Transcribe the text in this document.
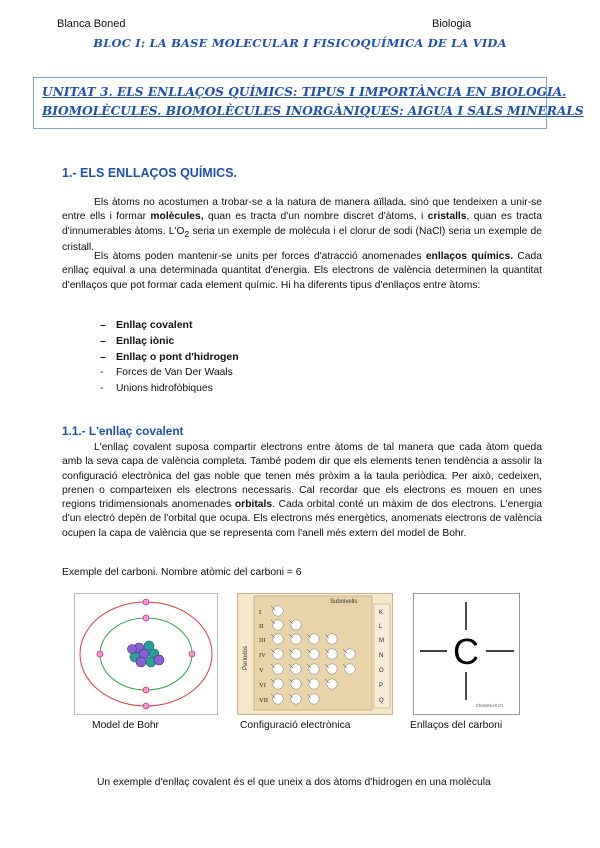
Blanca Boned	Biologia
BLOC I: LA BASE MOLECULAR I FISICOQUÍMICA DE LA VIDA

UNITAT 3. ELS ENLLAÇOS QUÍMICS: TIPUS I IMPORTÀNCIA EN BIOLOGIA.

BIOMOLÈCULES. BIOMOLÈCULES INORGÀNIQUES: AIGUA I SALS MINERALS

1.- ELS ENLLAÇOS QUÍMICS.

Els àtoms no acostumen a trobar-se a la natura de manera aïllada, sinó que tendeixen a unir-se entre ells i formar molècules, quan es tracta d'un nombre discret d'àtoms, i cristalls, quan es tracta d'innumerables àtoms. $L'O_2$ seria un exemple de molècula i el clorur de sodi (NaCl) seria un exemple de cristall.

Els àtoms poden mantenir-se units per forces d'atracció anomenades enllaços químics. Cada enllaç equival a una determinada quantitat d'energia. Els electrons de valència determinen la quantitat d'enllaços que pot formar cada element químic. Hi ha diferents tipus d'enllaços entre àtoms:

– Enllaç covalent
– Enllaç iònic
– Enllaç o pont d'hidrogen
- Forces de Van Der Waals
- Unions hidrofòbiques
1.1.- L'enllaç covalent

L'enllaç covalent suposa compartir electrons entre àtoms de tal manera que cada àtom queda amb la seva capa de valència completa. També podem dir que els elements tenen tendència a assolir la configuració electrònica del gas noble que tenen més pròxim a la taula periòdica. Per això, cedeixen, prenen o comparteixen els electrons necessaris. Cal recordar que els electrons es mouen en unes regions tridimensionals anomenades orbitals. Cada orbital conté un màxim de dos electrons. L'energia d'un electró depèn de l'orbital que ocupa. Els electrons més energètics, anomenats electrons de valència ocupen la capa de valència que se representa com l'anell més extern del model de Bohr.

Exemple del carboni. Nombre atòmic del carboni = 6

Model de Bohr
Subnivells
Períodos
I
II
III
IV
V
VI
VII
K
L
M
N
O
P
Q
Configuració electrònica
C
ChemSketch
Enllaços del carboni

Un exemple d'enllaç covalent és el que uneix a dos àtoms d'hidrogen en una molècula
